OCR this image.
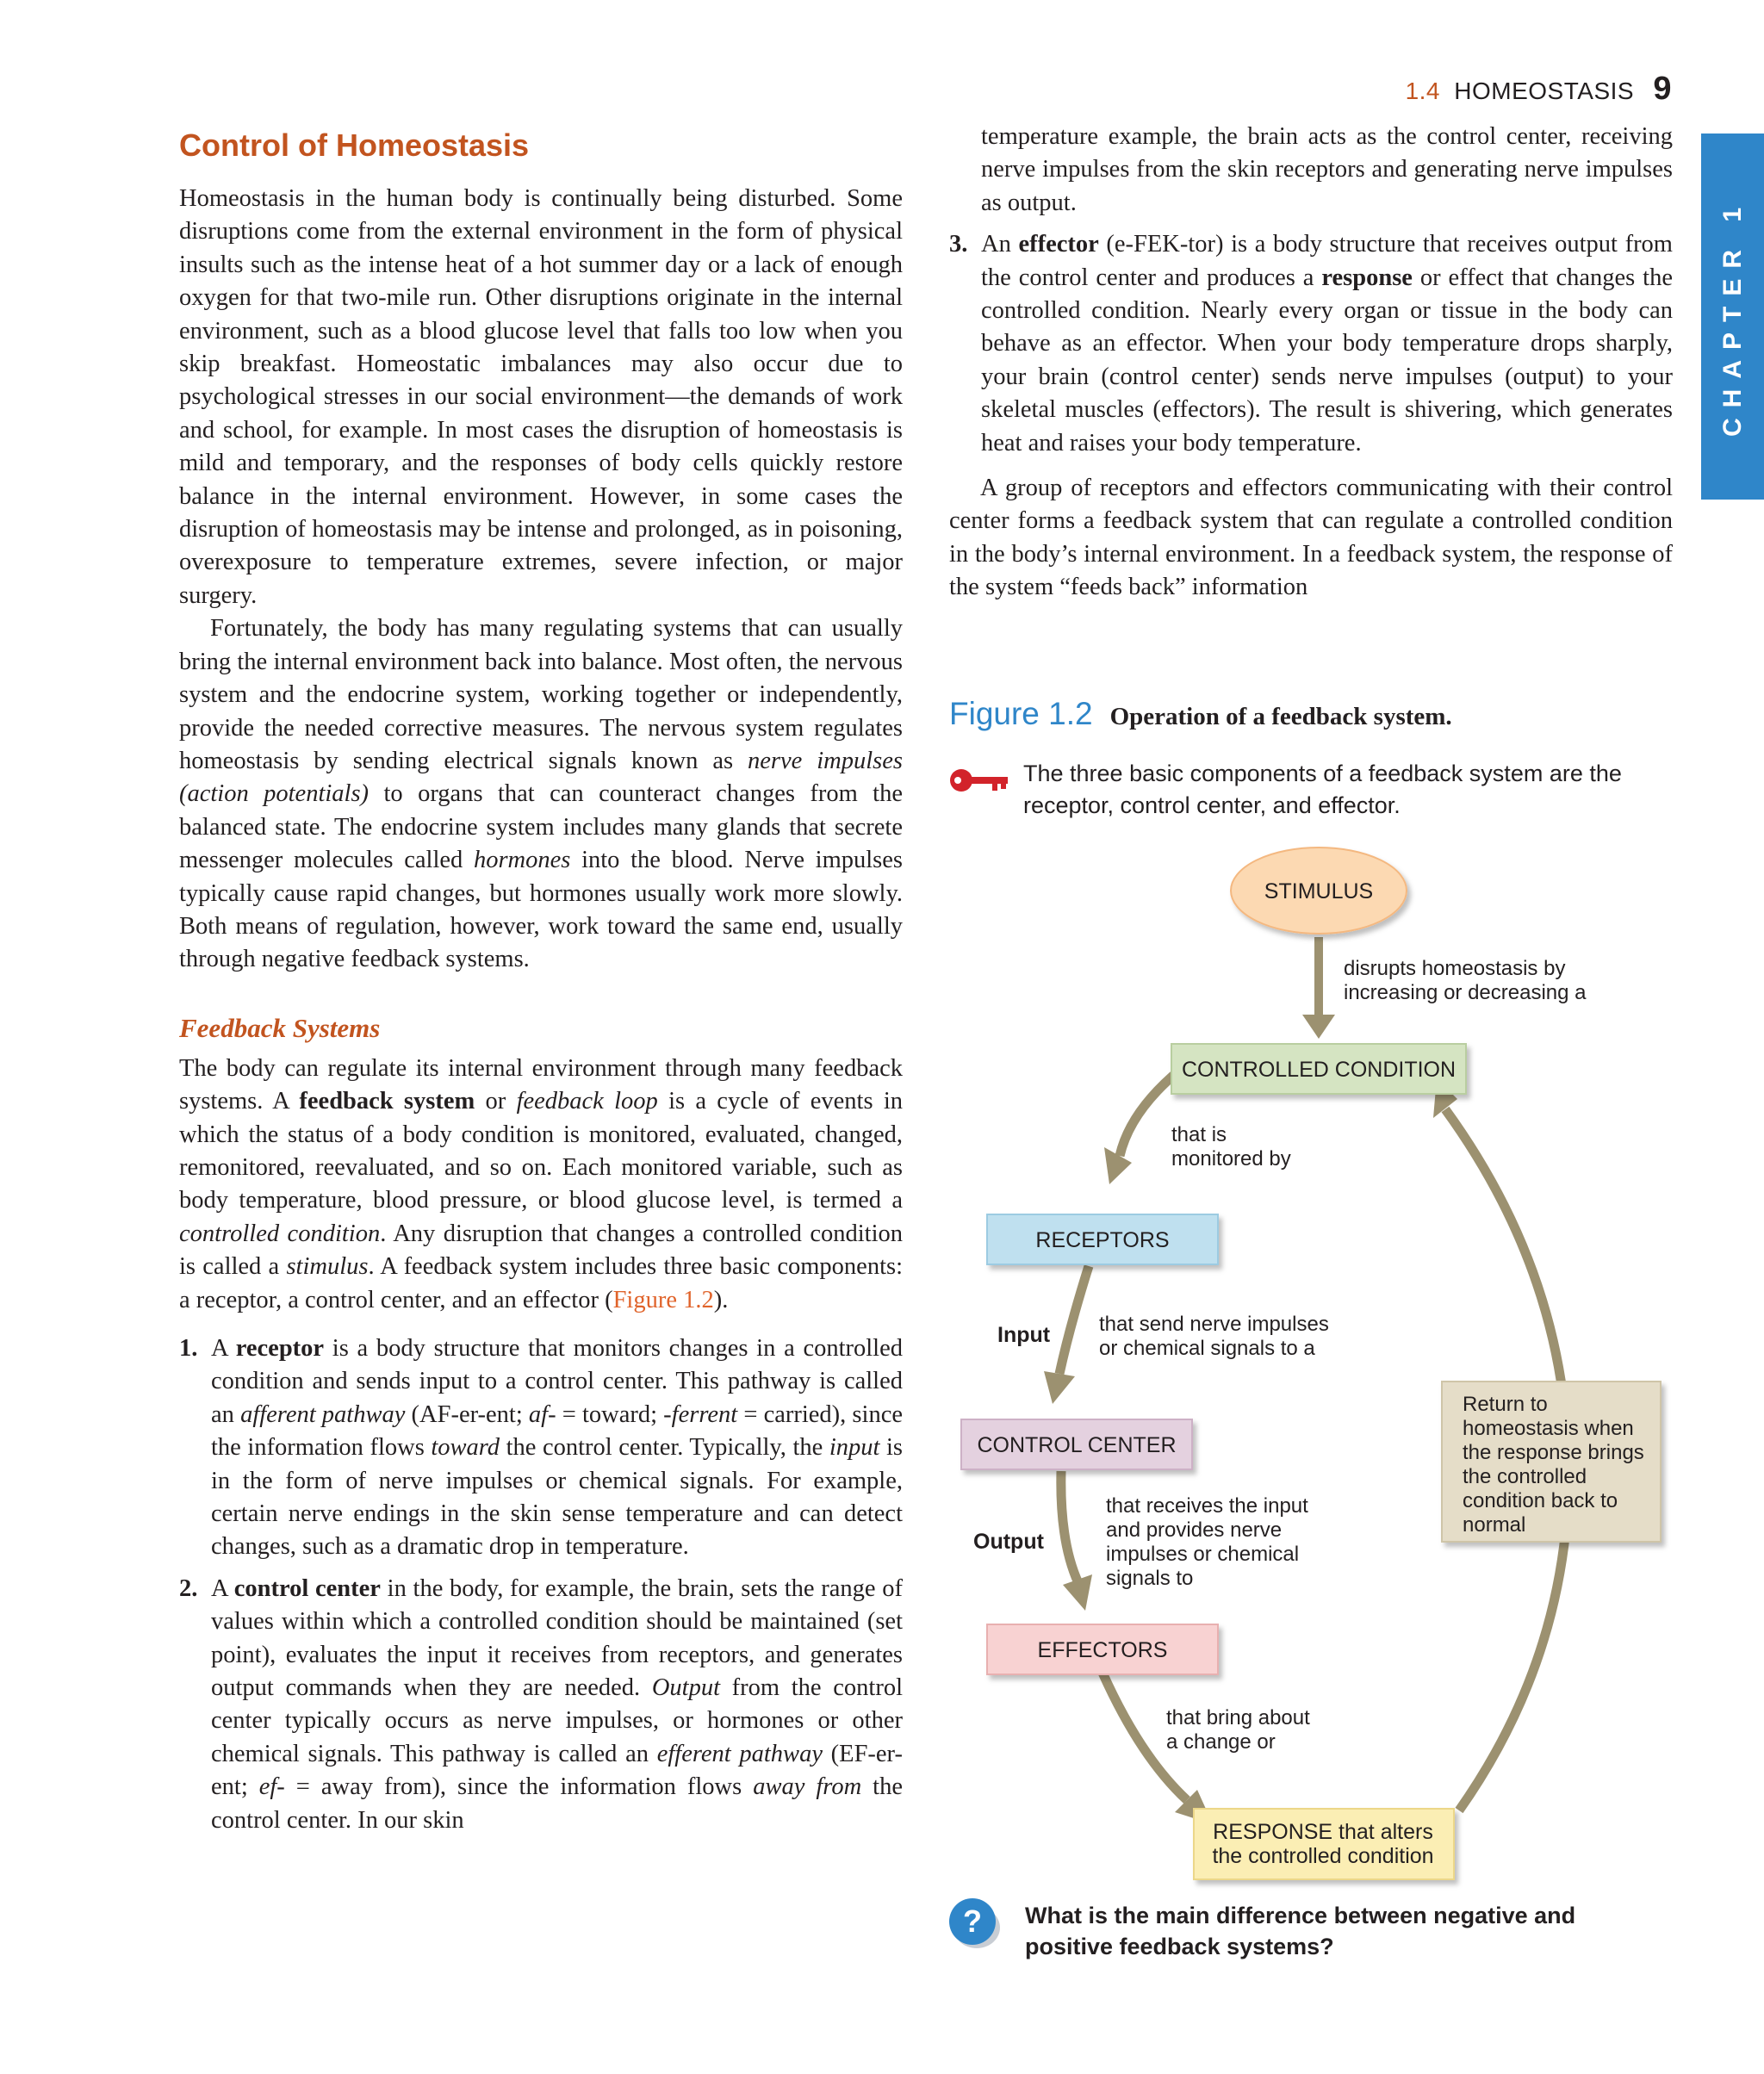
1.4 HOMEOSTASIS 9
CHAPTER 1
Control of Homeostasis

Homeostasis in the human body is continually being disturbed. Some disruptions come from the external environment in the form of physical insults such as the intense heat of a hot summer day or a lack of enough oxygen for that two-mile run. Other disruptions originate in the internal environment, such as a blood glucose level that falls too low when you skip breakfast. Homeostatic imbalances may also occur due to psychological stresses in our social environment—the demands of work and school, for example. In most cases the disruption of homeostasis is mild and temporary, and the responses of body cells quickly restore balance in the internal environment. However, in some cases the disruption of homeostasis may be intense and prolonged, as in poisoning, overexposure to temperature extremes, severe infection, or major surgery.

Fortunately, the body has many regulating systems that can usually bring the internal environment back into balance. Most often, the nervous system and the endocrine system, working together or independently, provide the needed corrective measures. The nervous system regulates homeostasis by sending electrical signals known as nerve impulses (action potentials) to organs that can counteract changes from the balanced state. The endocrine system includes many glands that secrete messenger molecules called hormones into the blood. Nerve impulses typically cause rapid changes, but hormones usually work more slowly. Both means of regulation, however, work toward the same end, usually through negative feedback systems.

Feedback Systems

The body can regulate its internal environment through many feedback systems. A feedback system or feedback loop is a cycle of events in which the status of a body condition is monitored, evaluated, changed, remonitored, reevaluated, and so on. Each monitored variable, such as body temperature, blood pressure, or blood glucose level, is termed a controlled condition. Any disruption that changes a controlled condition is called a stimulus. A feedback system includes three basic components: a receptor, a control center, and an effector (Figure 1.2).

1. A receptor is a body structure that monitors changes in a controlled condition and sends input to a control center. This pathway is called an afferent pathway (AF-er-ent; af- = toward; -ferrent = carried), since the information flows toward the control center. Typically, the input is in the form of nerve impulses or chemical signals. For example, certain nerve endings in the skin sense temperature and can detect changes, such as a dramatic drop in temperature.
2. A control center in the body, for example, the brain, sets the range of values within which a controlled condition should be maintained (set point), evaluates the input it receives from receptors, and generates output commands when they are needed. Output from the control center typically occurs as nerve impulses, or hormones or other chemical signals. This pathway is called an efferent pathway (EF-er-ent; ef- = away from), since the information flows away from the control center. In our skin

temperature example, the brain acts as the control center, receiving nerve impulses from the skin receptors and generating nerve impulses as output.

3. An effector (e-FEK-tor) is a body structure that receives output from the control center and produces a response or effect that changes the controlled condition. Nearly every organ or tissue in the body can behave as an effector. When your body temperature drops sharply, your brain (control center) sends nerve impulses (output) to your skeletal muscles (effectors). The result is shivering, which generates heat and raises your body temperature.

A group of receptors and effectors communicating with their control center forms a feedback system that can regulate a controlled condition in the body’s internal environment. In a feedback system, the response of the system “feeds back” information

Figure 1.2 Operation of a feedback system.
The three basic components of a feedback system are the receptor, control center, and effector.
STIMULUS
disrupts homeostasis by
increasing or decreasing a
CONTROLLED CONDITION
that is
monitored by
RECEPTORS
Input that send nerve impulses
or chemical signals to a
CONTROL CENTER
Output
that receives the input
and provides nerve
impulses or chemical
signals to
EFFECTORS
that bring about
a change or
RESPONSE that alters
the controlled condition
Return to
homeostasis when
the response brings
the controlled
condition back to
normal
? What is the main difference between negative and positive feedback systems?
